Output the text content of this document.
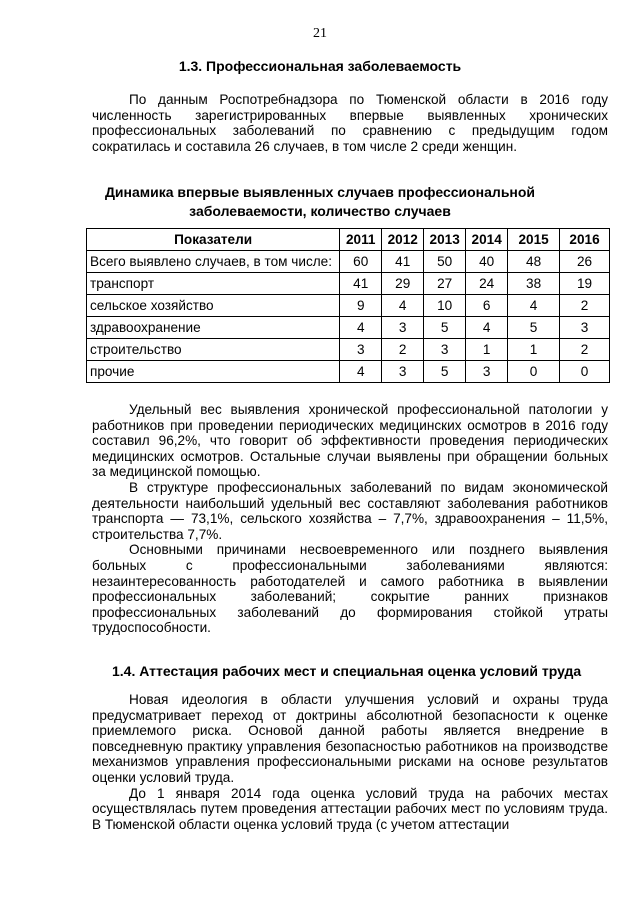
21
1.3. Профессиональная заболеваемость
По данным Роспотребнадзора по Тюменской области в 2016 году численность зарегистрированных впервые выявленных хронических профессиональных заболеваний по сравнению с предыдущим годом сократилась и составила 26 случаев, в том числе 2 среди женщин.
Динамика впервые выявленных случаев профессиональной
заболеваемости, количество случаев
Показатели	2011	2012	2013	2014	2015	2016
Всего выявлено случаев, в том числе:	60	41	50	40	48	26
транспорт	41	29	27	24	38	19
сельское хозяйство	9	4	10	6	4	2
здравоохранение	4	3	5	4	5	3
строительство	3	2	3	1	1	2
прочие	4	3	5	3	0	0
Удельный вес выявления хронической профессиональной патологии у работников при проведении периодических медицинских осмотров в 2016 году составил 96,2%, что говорит об эффективности проведения периодических медицинских осмотров. Остальные случаи выявлены при обращении больных за медицинской помощью.
В структуре профессиональных заболеваний по видам экономической деятельности наибольший удельный вес составляют заболевания работников транспорта — 73,1%, сельского хозяйства – 7,7%, здравоохранения – 11,5%, строительства 7,7%.
Основными причинами несвоевременного или позднего выявления больных с профессиональными заболеваниями являются: незаинтересованность работодателей и самого работника в выявлении профессиональных заболеваний; сокрытие ранних признаков профессиональных заболеваний до формирования стойкой утраты трудоспособности.
1.4. Аттестация рабочих мест и специальная оценка условий труда
Новая идеология в области улучшения условий и охраны труда предусматривает переход от доктрины абсолютной безопасности к оценке приемлемого риска. Основой данной работы является внедрение в повседневную практику управления безопасностью работников на производстве механизмов управления профессиональными рисками на основе результатов оценки условий труда.
До 1 января 2014 года оценка условий труда на рабочих местах осуществлялась путем проведения аттестации рабочих мест по условиям труда. В Тюменской области оценка условий труда (с учетом аттестации
